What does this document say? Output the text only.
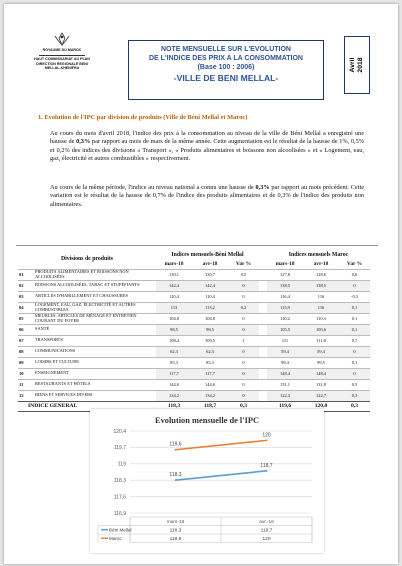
ROYAUME DU MAROC
HAUT COMMISSARIAT AU PLAN
DIRECTION REGIONALE BENI
MELLAL-KHENIFRA
NOTE MENSUELLE SUR L'EVOLUTION
DE L'INDICE DES PRIX A LA CONSOMMATION
(Base 100 : 2006)
-VILLE DE BENI MELLAL-
Avril 2018
1. Evolution de l'IPC par division de produits (Ville de Béni Mellal et Maroc)

Au cours du mois d'avril 2018, l'indice des prix à la consommation au niveau de la ville de Béni Mellal a enregistré une hausse de 0,3% par rapport au mois de mars de la même année. Cette augmentation est le résultat de la hausse de 1%, 0,5% et 0,2% des indices des divisions « Transport », « Produits alimentaires et boissons non alcoolisées » et « Logement, eau, gaz, électricité et autres combustibles » respectivement.

Au cours de la même période, l'indice au niveau national a connu une hausse de 0,3% par rapport au mois précédent. Cette variation est le résultat de la hausse de 0,7% de l'indice des produits alimentaires et de 0,3% de l'indice des produits non alimentaires.

Divisions de produits		Indices mensuels-Béni Mellal				Indices mensuels Maroc		
		mars-18	avr-18	Var %		mars-18	avr-18	Var %
01	PRODUITS ALIMENTAIRES ET BOISSONS NON ALCOOLISÉES	130,1	130,7	0,5		127,8	128,6	0,6
02	BOISSONS ALCOOLISÉES, TABAC ET STUPÉFIANTS	142,4	142,4	0		138,5	138,5	0
03	ARTICLES D'HABILLEMENT ET CHAUSSURES	110,4	110,4	0		116,4	116	-0,3
04	LOGEMENT, EAU, GAZ, ÉLECTRICITÉ ET AUTRES COMBUSTIBLES	113	113,2	0,2		115,9	116	0,1
05	MEUBLES, ARTICLES DE MÉNAGE ET ENTRETIEN COURANT DU FOYER	104,8	104,8	0		110,2	110,3	0,1
06	SANTÉ	98,5	98,5	0		105,5	105,6	0,1
07	TRANSPORTS	108,4	109,5	1		111	111,8	0,7
08	COMMUNICATIONS	62,3	62,3	0		59,4	59,4	0
09	LOISIRS ET CULTURE	85,3	85,3	0		99,4	99,5	0,1
10	ENSEIGNEMENT	117,7	117,7	0		148,4	148,4	0
11	RESTAURANTS ET HÔTELS	144,6	144,6	0		131,1	131,8	0,5
12	BIENS ET SERVICES DIVERS	134,2	134,2	0		122,3	122,7	0,3
INDICE GENERAL		118,3	118,7	0,3		119,6	120,0	0,3
Evolution mensuelle de l'IPC
116,9
117,6
118,3
119
119,7
120,4
118,3
118,7
119,6
120
mars-18	avr.-18
Béni Mellal	118,3	118,7
Maroc	119,6	120
